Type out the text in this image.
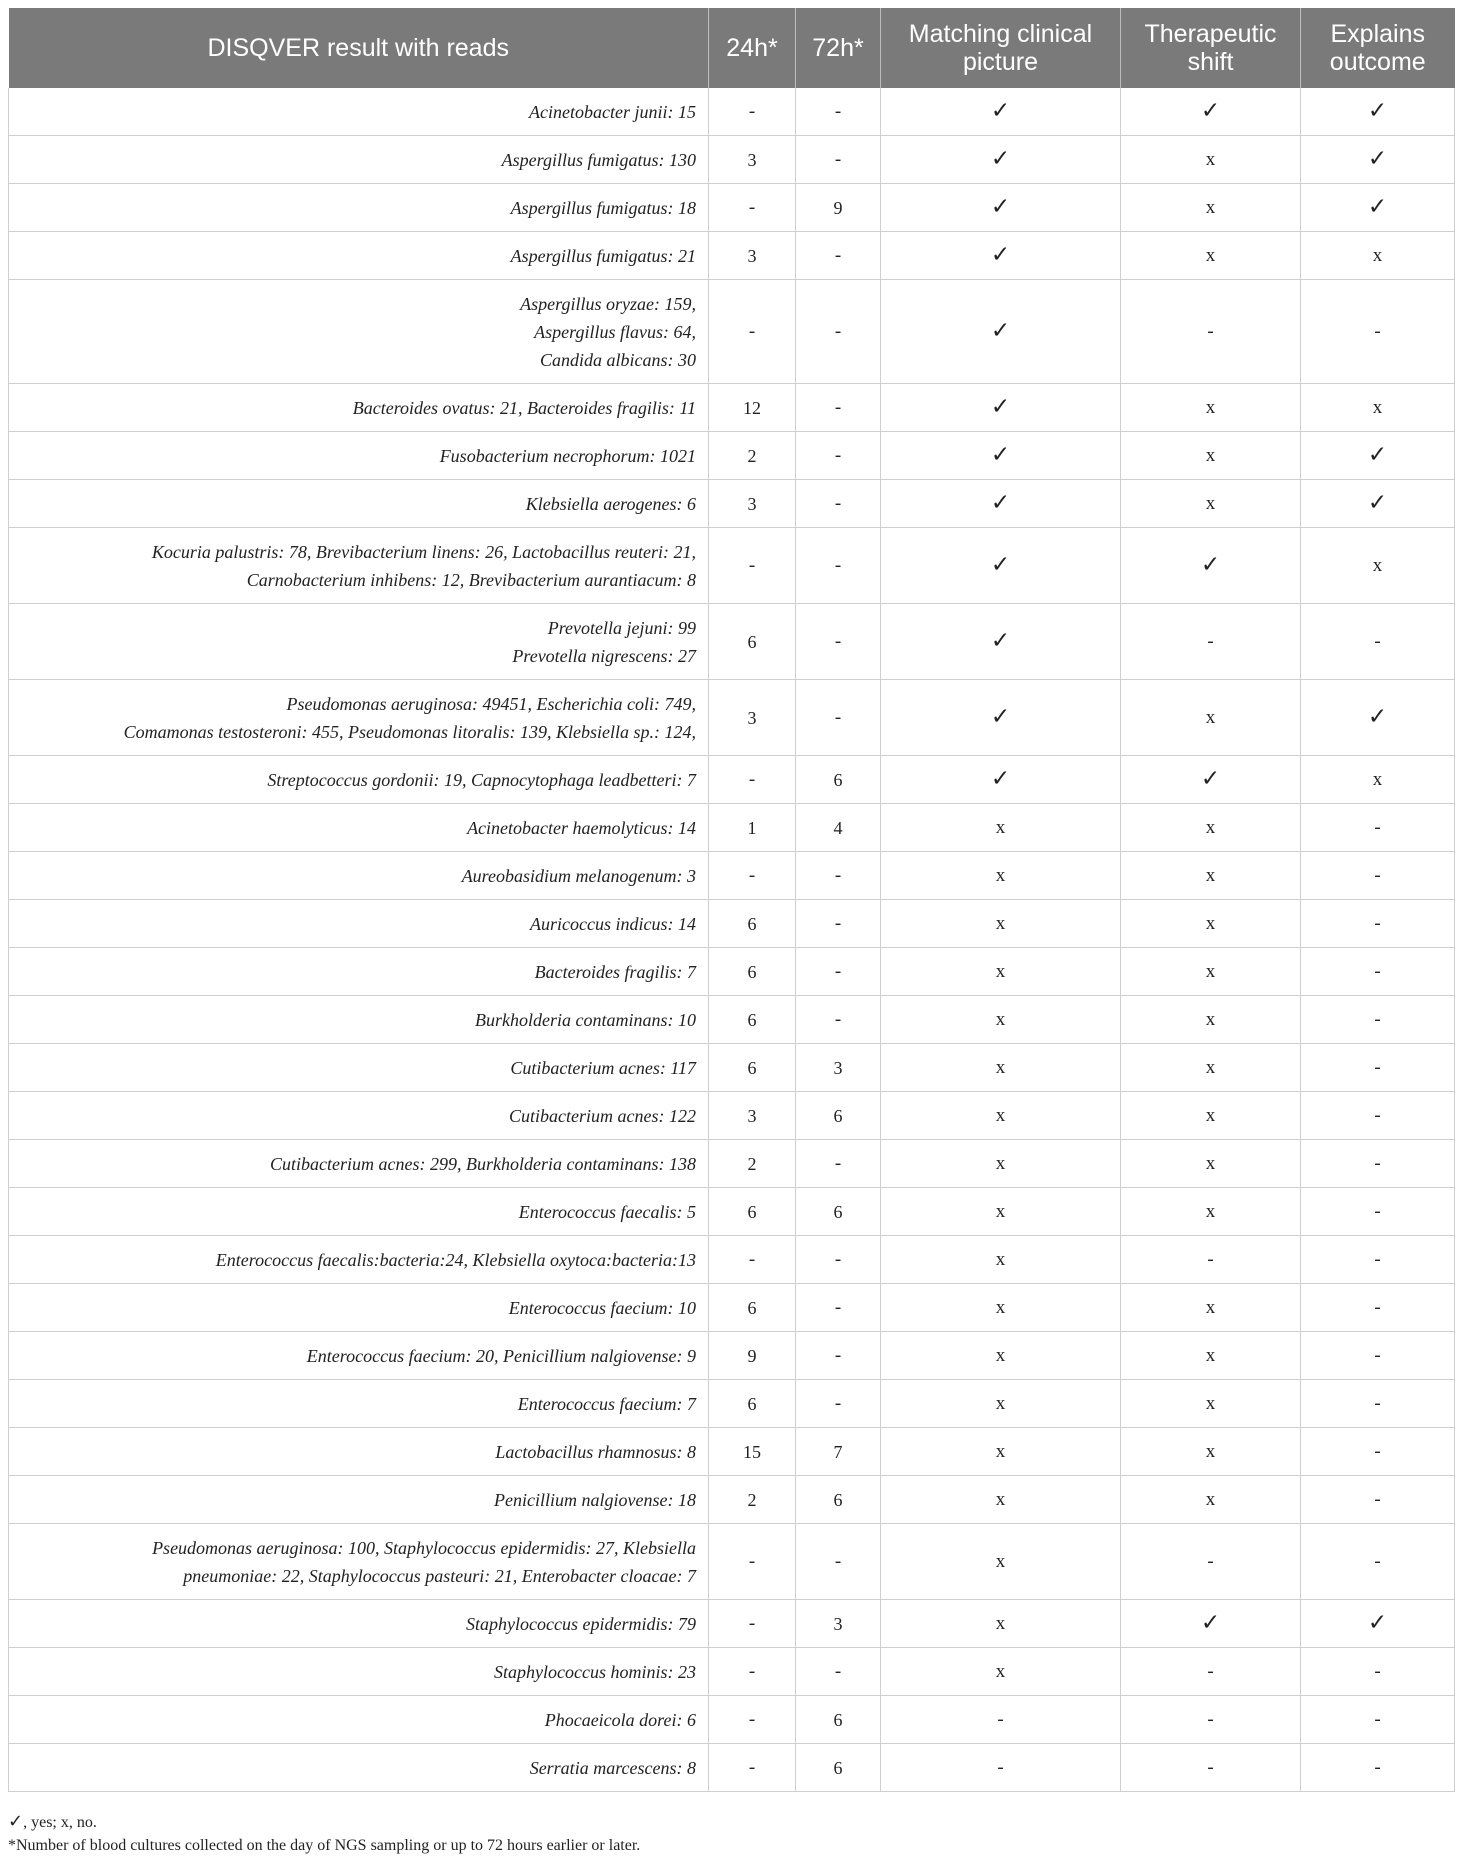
DISQVER result with reads	24h*	72h*	Matching clinical picture	Therapeutic shift	Explains outcome

Acinetobacter junii: 15	-	-	✓	✓	✓

Aspergillus fumigatus: 130	3	-	✓	x	✓

Aspergillus fumigatus: 18	-	9	✓	x	✓

Aspergillus fumigatus: 21	3	-	✓	x	x

Aspergillus oryzae: 159,
Aspergillus flavus: 64,
Candida albicans: 30	-	-	✓	-	-

Bacteroides ovatus: 21, Bacteroides fragilis: 11	12	-	✓	x	x

Fusobacterium necrophorum: 1021	2	-	✓	x	✓

Klebsiella aerogenes: 6	3	-	✓	x	✓

Kocuria palustris: 78, Brevibacterium linens: 26, Lactobacillus reuteri: 21,
Carnobacterium inhibens: 12, Brevibacterium aurantiacum: 8	-	-	✓	✓	x

Prevotella jejuni: 99
Prevotella nigrescens: 27	6	-	✓	-	-

Pseudomonas aeruginosa: 49451, Escherichia coli: 749,
Comamonas testosteroni: 455, Pseudomonas litoralis: 139, Klebsiella sp.: 124,	3	-	✓	x	✓

Streptococcus gordonii: 19, Capnocytophaga leadbetteri: 7	-	6	✓	✓	x

Acinetobacter haemolyticus: 14	1	4	x	x	-

Aureobasidium melanogenum: 3	-	-	x	x	-

Auricoccus indicus: 14	6	-	x	x	-

Bacteroides fragilis: 7	6	-	x	x	-

Burkholderia contaminans: 10	6	-	x	x	-

Cutibacterium acnes: 117	6	3	x	x	-

Cutibacterium acnes: 122	3	6	x	x	-

Cutibacterium acnes: 299, Burkholderia contaminans: 138	2	-	x	x	-

Enterococcus faecalis: 5	6	6	x	x	-

Enterococcus faecalis:bacteria:24, Klebsiella oxytoca:bacteria:13	-	-	x	-	-

Enterococcus faecium: 10	6	-	x	x	-

Enterococcus faecium: 20, Penicillium nalgiovense: 9	9	-	x	x	-

Enterococcus faecium: 7	6	-	x	x	-

Lactobacillus rhamnosus: 8	15	7	x	x	-

Penicillium nalgiovense: 18	2	6	x	x	-

Pseudomonas aeruginosa: 100, Staphylococcus epidermidis: 27, Klebsiella
pneumoniae: 22, Staphylococcus pasteuri: 21, Enterobacter cloacae: 7	-	-	x	-	-

Staphylococcus epidermidis: 79	-	3	x	✓	✓

Staphylococcus hominis: 23	-	-	x	-	-

Phocaeicola dorei: 6	-	6	-	-	-

Serratia marcescens: 8	-	6	-	-	-
✓, yes; x, no.
*Number of blood cultures collected on the day of NGS sampling or up to 72 hours earlier or later.
